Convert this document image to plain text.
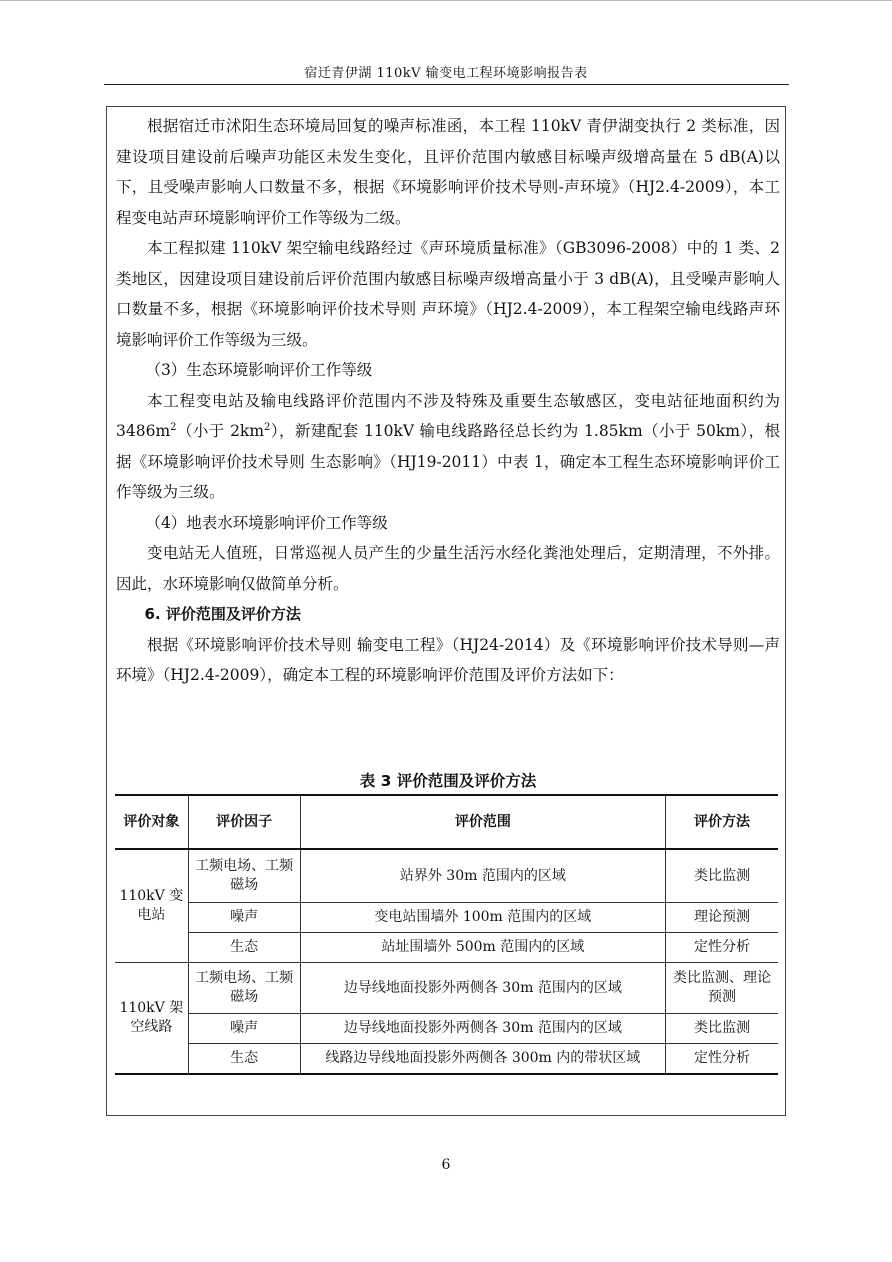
宿迁青伊湖 110kV 输变电工程环境影响报告表

根据宿迁市沭阳生态环境局回复的噪声标准函，本工程 110kV 青伊湖变执行 2 类标准，因建设项目建设前后噪声功能区未发生变化，且评价范围内敏感目标噪声级增高量在 5 dB(A)以下，且受噪声影响人口数量不多，根据《环境影响评价技术导则-声环境》（HJ2.4-2009），本工程变电站声环境影响评价工作等级为二级。

本工程拟建 110kV 架空输电线路经过《声环境质量标准》（GB3096-2008）中的 1 类、2 类地区，因建设项目建设前后评价范围内敏感目标噪声级增高量小于 3 dB(A)，且受噪声影响人口数量不多，根据《环境影响评价技术导则 声环境》（HJ2.4-2009），本工程架空输电线路声环境影响评价工作等级为三级。

（3）生态环境影响评价工作等级

本工程变电站及输电线路评价范围内不涉及特殊及重要生态敏感区，变电站征地面积约为 $3486m^2$（小于 $2km^2$），新建配套 110kV 输电线路路径总长约为 1.85km（小于 50km），根据《环境影响评价技术导则 生态影响》（HJ19-2011）中表 1，确定本工程生态环境影响评价工作等级为三级。

（4）地表水环境影响评价工作等级

变电站无人值班，日常巡视人员产生的少量生活污水经化粪池处理后，定期清理，不外排。因此，水环境影响仅做简单分析。

6. 评价范围及评价方法

根据《环境影响评价技术导则 输变电工程》（HJ24-2014）及《环境影响评价技术导则—声环境》（HJ2.4-2009），确定本工程的环境影响评价范围及评价方法如下：

表 3 评价范围及评价方法
评价对象	评价因子	评价范围	评价方法
110kV 变电站	工频电场、工频磁场	站界外 30m 范围内的区域	类比监测
	噪声	变电站围墙外 100m 范围内的区域	理论预测
	生态	站址围墙外 500m 范围内的区域	定性分析
110kV 架空线路	工频电场、工频磁场	边导线地面投影外两侧各 30m 范围内的区域	类比监测、理论预测
	噪声	边导线地面投影外两侧各 30m 范围内的区域	类比监测
	生态	线路边导线地面投影外两侧各 300m 内的带状区域	定性分析
6
